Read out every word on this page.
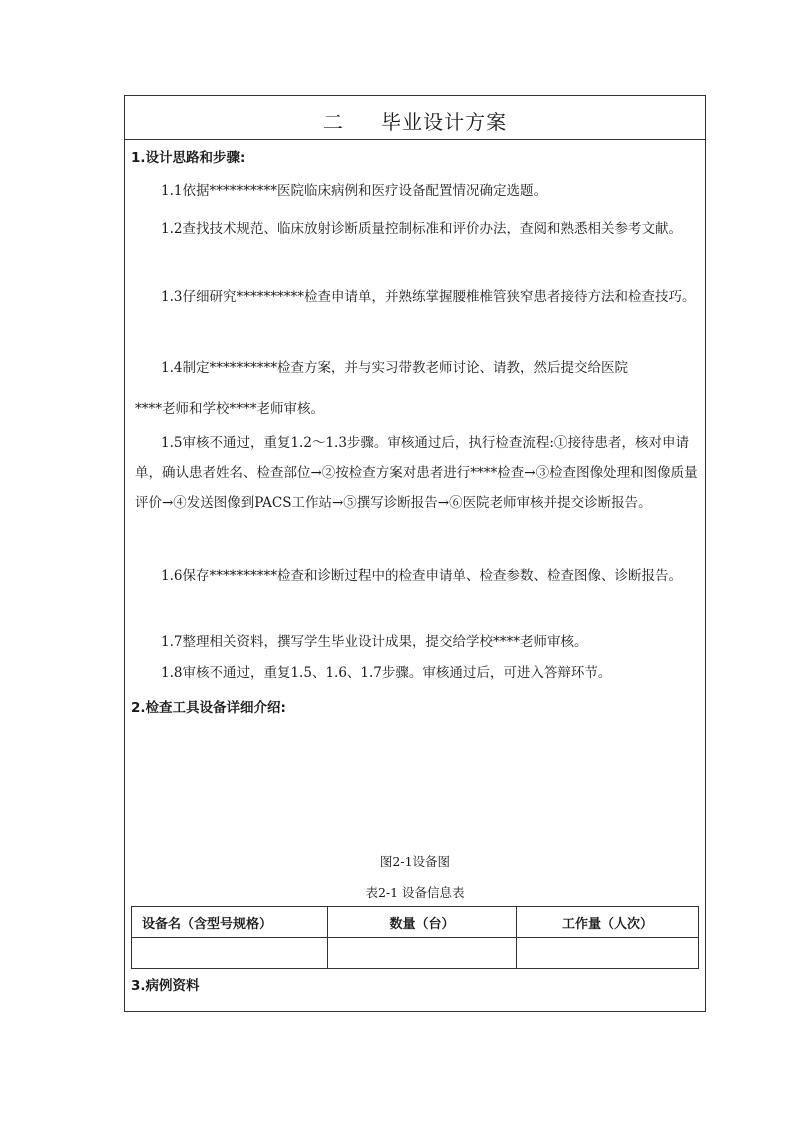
二 毕业设计方案
1.设计思路和步骤:
1.1依据**********医院临床病例和医疗设备配置情况确定选题。
1.2查找技术规范、临床放射诊断质量控制标准和评价办法，查阅和熟悉相关参考文献。
1.3仔细研究**********检查申请单，并熟练掌握腰椎椎管狭窄患者接待方法和检查技巧。
1.4制定**********检查方案，并与实习带教老师讨论、请教，然后提交给医院
****老师和学校****老师审核。
1.5审核不通过，重复1.2～1.3步骤。审核通过后，执行检查流程:①接待患者，核对申请单，确认患者姓名、检查部位→②按检查方案对患者进行****检查→③检查图像处理和图像质量评价→④发送图像到PACS工作站→⑤撰写诊断报告→⑥医院老师审核并提交诊断报告。
1.6保存**********检查和诊断过程中的检查申请单、检查参数、检查图像、诊断报告。
1.7整理相关资料，撰写学生毕业设计成果，提交给学校****老师审核。
1.8审核不通过，重复1.5、1.6、1.7步骤。审核通过后，可进入答辩环节。
2.检查工具设备详细介绍:
图2-1设备图
表2-1 设备信息表
设备名（含型号规格）	数量（台）	工作量（人次）

3.病例资料
